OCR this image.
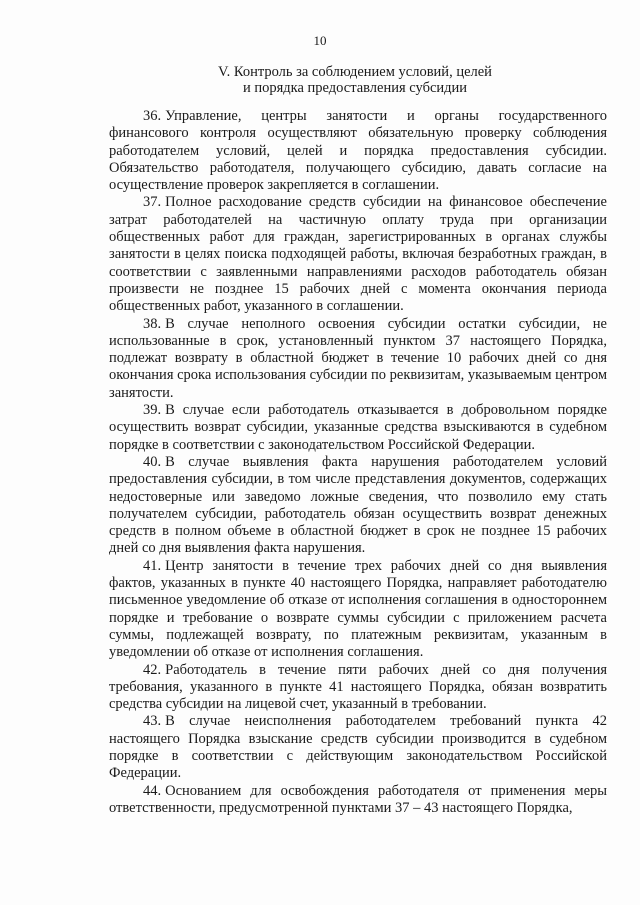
10
V. Контроль за соблюдением условий, целей
и порядка предоставления субсидии

36. Управление, центры занятости и органы государственного финансового контроля осуществляют обязательную проверку соблюдения работодателем условий, целей и порядка предоставления субсидии. Обязательство работодателя, получающего субсидию, давать согласие на осуществление проверок закрепляется в соглашении.

37. Полное расходование средств субсидии на финансовое обеспечение затрат работодателей на частичную оплату труда при организации общественных работ для граждан, зарегистрированных в органах службы занятости в целях поиска подходящей работы, включая безработных граждан, в соответствии с заявленными направлениями расходов работодатель обязан произвести не позднее 15 рабочих дней с момента окончания периода общественных работ, указанного в соглашении.

38. В случае неполного освоения субсидии остатки субсидии, не использованные в срок, установленный пунктом 37 настоящего Порядка, подлежат возврату в областной бюджет в течение 10 рабочих дней со дня окончания срока использования субсидии по реквизитам, указываемым центром занятости.

39. В случае если работодатель отказывается в добровольном порядке осуществить возврат субсидии, указанные средства взыскиваются в судебном порядке в соответствии с законодательством Российской Федерации.

40. В случае выявления факта нарушения работодателем условий предоставления субсидии, в том числе представления документов, содержащих недостоверные или заведомо ложные сведения, что позволило ему стать получателем субсидии, работодатель обязан осуществить возврат денежных средств в полном объеме в областной бюджет в срок не позднее 15 рабочих дней со дня выявления факта нарушения.

41. Центр занятости в течение трех рабочих дней со дня выявления фактов, указанных в пункте 40 настоящего Порядка, направляет работодателю письменное уведомление об отказе от исполнения соглашения в одностороннем порядке и требование о возврате суммы субсидии с приложением расчета суммы, подлежащей возврату, по платежным реквизитам, указанным в уведомлении об отказе от исполнения соглашения.

42. Работодатель в течение пяти рабочих дней со дня получения требования, указанного в пункте 41 настоящего Порядка, обязан возвратить средства субсидии на лицевой счет, указанный в требовании.

43. В случае неисполнения работодателем требований пункта 42 настоящего Порядка взыскание средств субсидии производится в судебном порядке в соответствии с действующим законодательством Российской Федерации.

44. Основанием для освобождения работодателя от применения меры ответственности, предусмотренной пунктами 37 – 43 настоящего Порядка,
